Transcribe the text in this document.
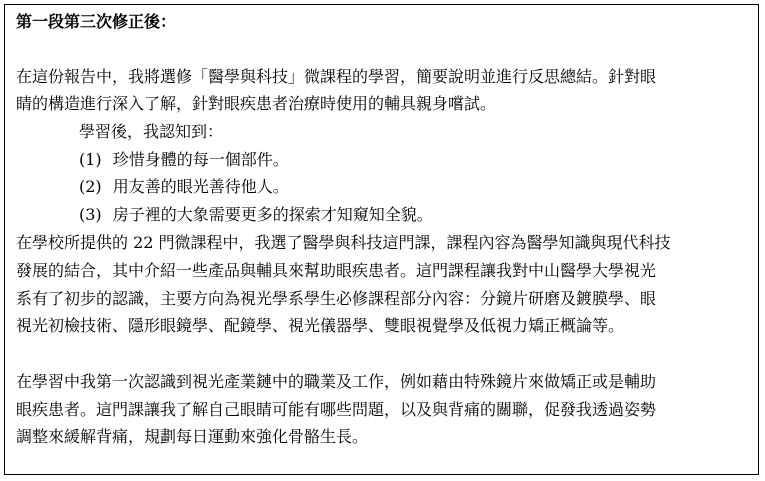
第一段第三次修正後：
在這份報告中，我將選修「醫學與科技」微課程的學習，簡要說明並進行反思總結。針對眼
睛的構造進行深入了解，針對眼疾患者治療時使用的輔具親身嚐試。
學習後，我認知到：
(1) 珍惜身體的每一個部件。
(2) 用友善的眼光善待他人。
(3) 房子裡的大象需要更多的探索才知窺知全貌。
在學校所提供的 22 門微課程中，我選了醫學與科技這門課，課程內容為醫學知識與現代科技
發展的結合，其中介紹一些產品與輔具來幫助眼疾患者。這門課程讓我對中山醫學大學視光
系有了初步的認識，主要方向為視光學系學生必修課程部分內容：分鏡片研磨及鍍膜學、眼
視光初檢技術、隱形眼鏡學、配鏡學、視光儀器學、雙眼視覺學及低視力矯正概論等。
在學習中我第一次認識到視光產業鏈中的職業及工作，例如藉由特殊鏡片來做矯正或是輔助
眼疾患者。這門課讓我了解自己眼睛可能有哪些問題，以及與背痛的關聯，促發我透過姿勢
調整來緩解背痛，規劃每日運動來強化骨骼生長。
